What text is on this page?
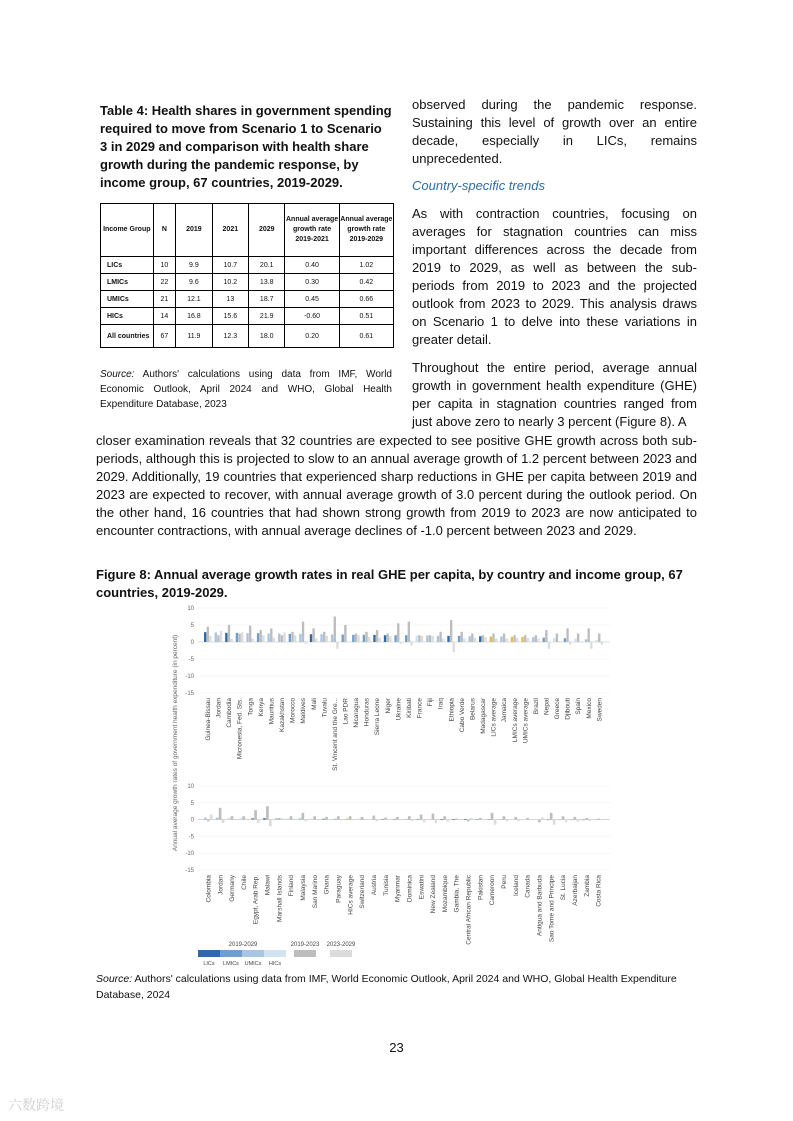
Table 4: Health shares in government spending required to move from Scenario 1 to Scenario 3 in 2029 and comparison with health share growth during the pandemic response, by income group, 67 countries, 2019-2029.
Income Group	N	2019	2021	2029	Annual average growth rate 2019-2021	Annual average growth rate 2019-2029
LICs	10	9.9	10.7	20.1	0.40	1.02
LMICs	22	9.6	10.2	13.8	0.30	0.42
UMICs	21	12.1	13	18.7	0.45	0.66
HICs	14	16.8	15.6	21.9	-0.60	0.51
All countries	67	11.9	12.3	18.0	0.20	0.61
Source: Authors' calculations using data from IMF, World Economic Outlook, April 2024 and WHO, Global Health Expenditure Database, 2023
observed during the pandemic response. Sustaining this level of growth over an entire decade, especially in LICs, remains unprecedented.
Country-specific trends
As with contraction countries, focusing on averages for stagnation countries can miss important differences across the decade from 2019 to 2029, as well as between the sub-periods from 2019 to 2023 and the projected outlook from 2023 to 2029. This analysis draws on Scenario 1 to delve into these variations in greater detail.
Throughout the entire period, average annual growth in government health expenditure (GHE) per capita in stagnation countries ranged from just above zero to nearly 3 percent (Figure 8). A
closer examination reveals that 32 countries are expected to see positive GHE growth across both sub-periods, although this is projected to slow to an annual average growth of 1.2 percent between 2023 and 2029. Additionally, 19 countries that experienced sharp reductions in GHE per capita between 2019 and 2023 are expected to recover, with annual average growth of 3.0 percent during the outlook period. On the other hand, 16 countries that had shown strong growth from 2019 to 2023 are now anticipated to encounter contractions, with annual average declines of -1.0 percent between 2023 and 2029.
Figure 8: Annual average growth rates in real GHE per capita, by country and income group, 67 countries, 2019-2029.
2019-2029	2019-2023 2023-2029
LICs LMICs UMICs HICs
Annual average growth rates of government health expenditure (in percent)
10
5
0
-5
-10
-15
Guinea-Bissau Jordan Cambodia Micronesia, Fed. Sts. Tonga Kenya Mauritius Kazakhstan Morocco Maldives Mali Tuvalu St. Vincent and the Gre... Lao PDR Nicaragua Honduras Sierra Leone Niger Ukraine Kiribati France Fiji Iraq Ethiopia Cabo Verde Belarus Madagascar LICs average Jamaica LMICs average UMICs average Brazil Nepal Greece Djibouti Spain Mexico Sweden
10
5
0
-5
-10
-15
Colombia Jordan Germany Chile Egypt, Arab Rep. Malawi Marshall Islands Finland Malaysia San Marino Ghana Paraguay HICs average Switzerland Austria Tunisia Myanmar Dominica Eswatini New Zealand Mozambique Gambia, The Central African Republic Pakistan Cameroon Peru Iceland Canada Antigua and Barbuda Sao Tome and Principe St. Lucia Azerbaijan Zambia Costa Rica
Source: Authors' calculations using data from IMF, World Economic Outlook, April 2024 and WHO, Global Health Expenditure Database, 2024
23
六数跨境
